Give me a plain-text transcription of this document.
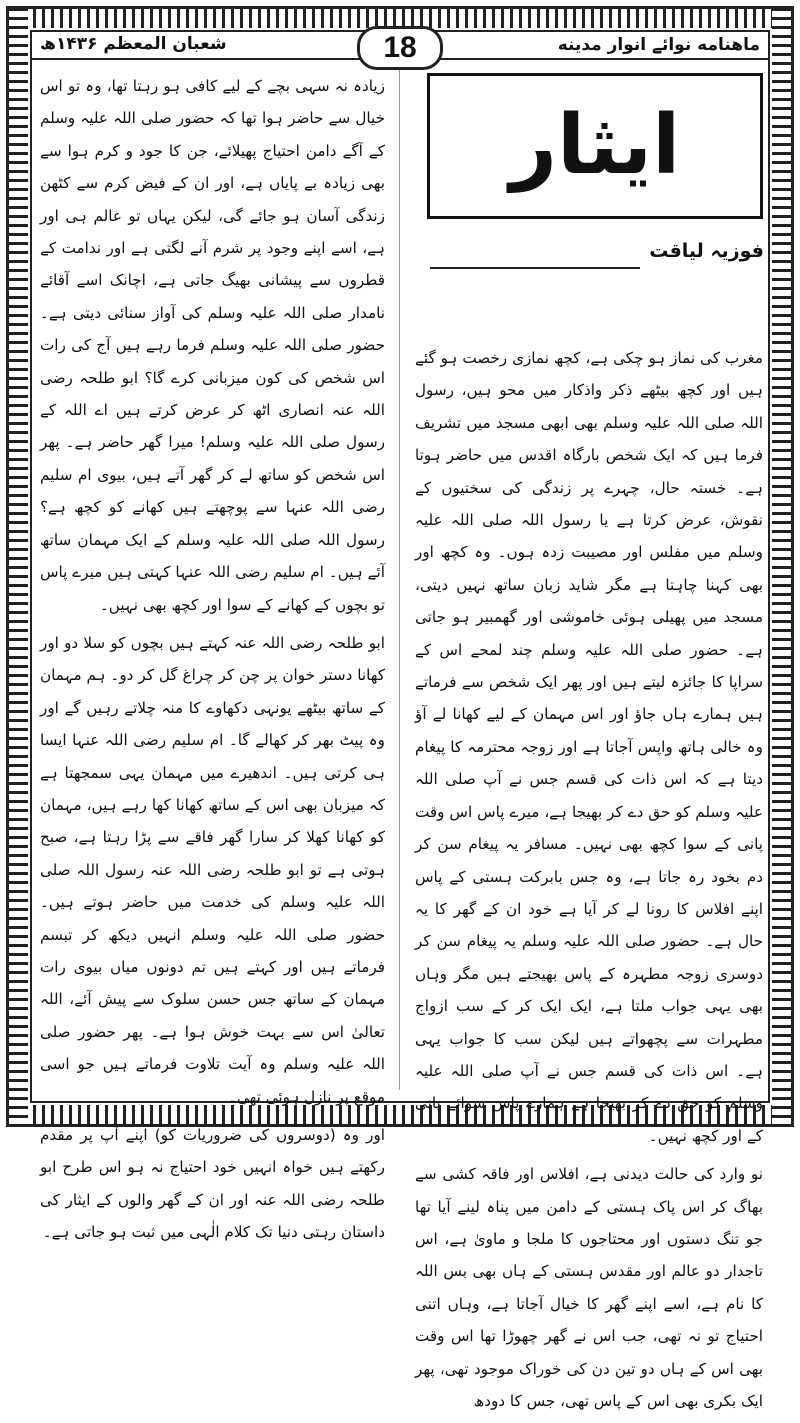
شعبان المعظم ۱۴۳۶ھ	ماهنامه نوائے انوار مدینه
18
ایثار
فوزیہ لیاقت

مغرب کی نماز ہو چکی ہے، کچھ نمازی رخصت ہو گئے ہیں اور کچھ بیٹھے ذکر واذکار میں محو ہیں، رسول اللہ صلی اللہ علیہ وسلم بھی ابھی مسجد میں تشریف فرما ہیں کہ ایک شخص بارگاہ اقدس میں حاضر ہوتا ہے۔ خستہ حال، چہرے پر زندگی کی سختیوں کے نقوش، عرض کرتا ہے یا رسول اللہ صلی اللہ علیہ وسلم میں مفلس اور مصیبت زدہ ہوں۔ وہ کچھ اور بھی کہنا چاہتا ہے مگر شاید زبان ساتھ نہیں دیتی، مسجد میں پھیلی ہوئی خاموشی اور گھمبیر ہو جاتی ہے۔ حضور صلی اللہ علیہ وسلم چند لمحے اس کے سراپا کا جائزہ لیتے ہیں اور پھر ایک شخص سے فرماتے ہیں ہمارے ہاں جاؤ اور اس مہمان کے لیے کھانا لے آؤ وہ خالی ہاتھ واپس آجاتا ہے اور زوجہ محترمہ کا پیغام دیتا ہے کہ اس ذات کی قسم جس نے آپ صلی اللہ علیہ وسلم کو حق دے کر بھیجا ہے، میرے پاس اس وقت پانی کے سوا کچھ بھی نہیں۔ مسافر یہ پیغام سن کر دم بخود رہ جاتا ہے، وہ جس بابرکت ہستی کے پاس اپنے افلاس کا رونا لے کر آیا ہے خود ان کے گھر کا یہ حال ہے۔ حضور صلی اللہ علیہ وسلم یہ پیغام سن کر دوسری زوجہ مطہرہ کے پاس بھیجتے ہیں مگر وہاں بھی یہی جواب ملتا ہے، ایک ایک کر کے سب ازواج مطہرات سے پچھواتے ہیں لیکن سب کا جواب یہی ہے۔ اس ذات کی قسم جس نے آپ صلی اللہ علیہ وسلم کو حق دے کر بھیجا ہے ہمارے پاس سوائے پانی کے اور کچھ نہیں۔

نو وارد کی حالت دیدنی ہے، افلاس اور فاقہ کشی سے بھاگ کر اس پاک ہستی کے دامن میں پناہ لینے آیا تھا جو تنگ دستوں اور محتاجوں کا ملجا و ماویٰ ہے، اس تاجدار دو عالم اور مقدس ہستی کے ہاں بھی بس اللہ کا نام ہے، اسے اپنے گھر کا خیال آجاتا ہے، وہاں اتنی احتیاج تو نہ تھی، جب اس نے گھر چھوڑا تھا اس وقت بھی اس کے ہاں دو تین دن کی خوراک موجود تھی، پھر ایک بکری بھی اس کے پاس تھی، جس کا دودھ

زیادہ نہ سہی بچے کے لیے کافی ہو رہتا تھا، وہ تو اس خیال سے حاضر ہوا تھا کہ حضور صلی اللہ علیہ وسلم کے آگے دامن احتیاج پھیلائے، جن کا جود و کرم ہوا سے بھی زیادہ بے پایاں ہے، اور ان کے فیض کرم سے کٹھن زندگی آسان ہو جائے گی، لیکن یہاں تو عالم ہی اور ہے، اسے اپنے وجود پر شرم آنے لگتی ہے اور ندامت کے قطروں سے پیشانی بھیگ جاتی ہے، اچانک اسے آقائے نامدار صلی اللہ علیہ وسلم کی آواز سنائی دیتی ہے۔ حضور صلی اللہ علیہ وسلم فرما رہے ہیں آج کی رات اس شخص کی کون میزبانی کرے گا؟ ابو طلحہ رضی اللہ عنہ انصاری اٹھ کر عرض کرتے ہیں اے اللہ کے رسول صلی اللہ علیہ وسلم! میرا گھر حاضر ہے۔ پھر اس شخص کو ساتھ لے کر گھر آتے ہیں، بیوی ام سلیم رضی اللہ عنہا سے پوچھتے ہیں کھانے کو کچھ ہے؟ رسول اللہ صلی اللہ علیہ وسلم کے ایک مہمان ساتھ آئے ہیں۔ ام سلیم رضی اللہ عنہا کہتی ہیں میرے پاس تو بچوں کے کھانے کے سوا اور کچھ بھی نہیں۔

ابو طلحہ رضی اللہ عنہ کہتے ہیں بچوں کو سلا دو اور کھانا دستر خوان پر چن کر چراغ گل کر دو۔ ہم مہمان کے ساتھ بیٹھے یونہی دکھاوے کا منہ چلاتے رہیں گے اور وہ پیٹ بھر کر کھالے گا۔ ام سلیم رضی اللہ عنہا ایسا ہی کرتی ہیں۔ اندھیرے میں مہمان یہی سمجھتا ہے کہ میزبان بھی اس کے ساتھ کھانا کھا رہے ہیں، مہمان کو کھانا کھلا کر سارا گھر فاقے سے پڑا رہتا ہے، صبح ہوتی ہے تو ابو طلحہ رضی اللہ عنہ رسول اللہ صلی اللہ علیہ وسلم کی خدمت میں حاضر ہوتے ہیں۔ حضور صلی اللہ علیہ وسلم انہیں دیکھ کر تبسم فرماتے ہیں اور کہتے ہیں تم دونوں میاں بیوی رات مہمان کے ساتھ جس حسن سلوک سے پیش آئے، اللہ تعالیٰ اس سے بہت خوش ہوا ہے۔ پھر حضور صلی اللہ علیہ وسلم وہ آیت تلاوت فرماتے ہیں جو اسی موقع پر نازل ہوئی تھی۔

اور وہ (دوسروں کی ضروریات کو) اپنے آپ پر مقدم رکھتے ہیں خواہ انہیں خود احتیاج نہ ہو اس طرح ابو طلحہ رضی اللہ عنہ اور ان کے گھر والوں کے ایثار کی داستان رہتی دنیا تک کلام الٰہی میں ثبت ہو جاتی ہے۔
